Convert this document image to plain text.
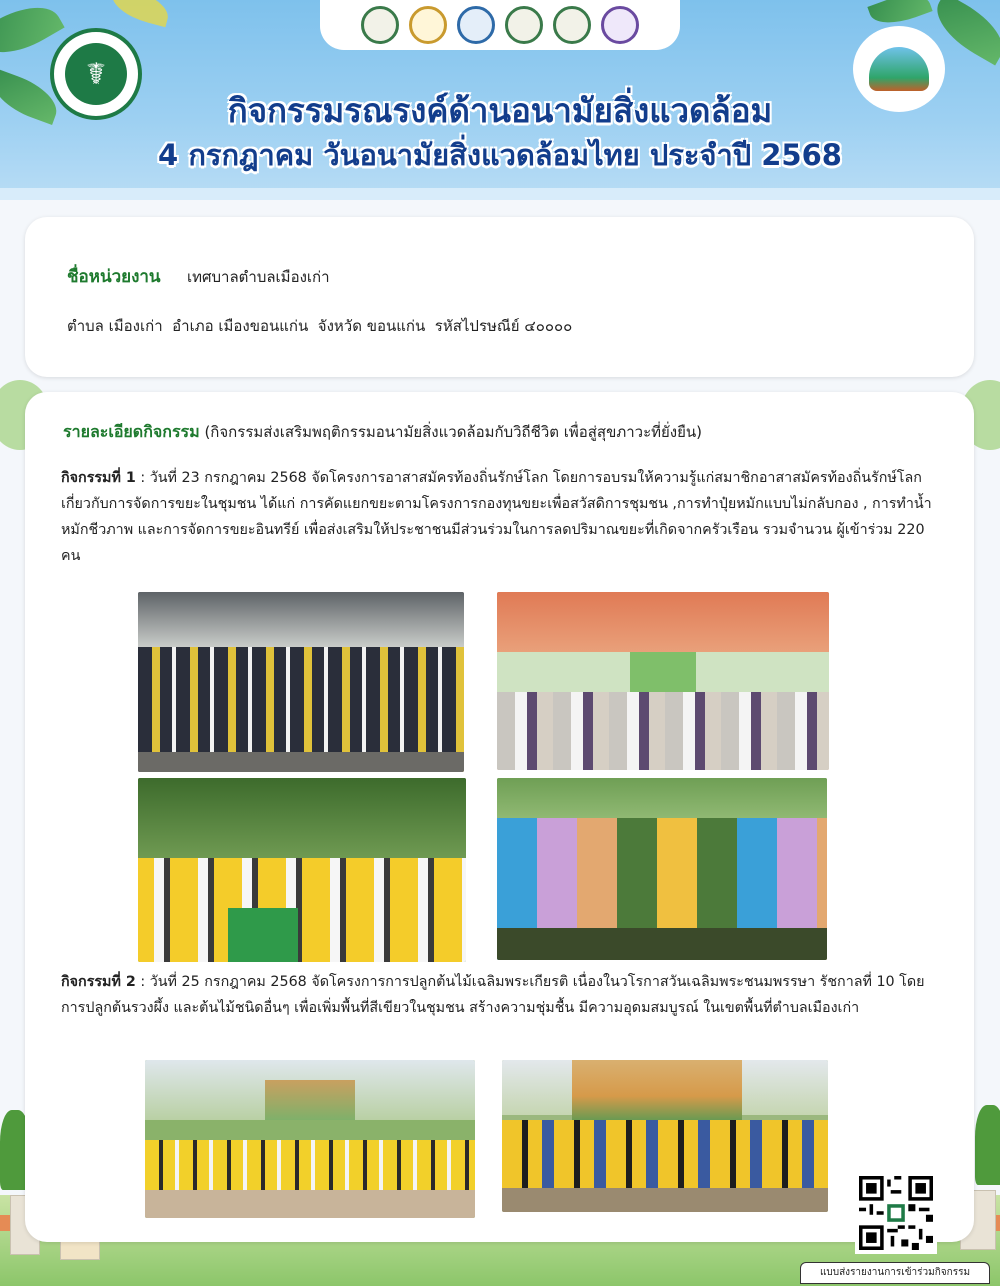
☤
กิจกรรมรณรงค์ด้านอนามัยสิ่งแวดล้อม
4 กรกฎาคม วันอนามัยสิ่งแวดล้อมไทย ประจำปี 2568
ชื่อหน่วยงาน เทศบาลตำบลเมืองเก่า
ตำบล เมืองเก่า  อำเภอ เมืองขอนแก่น  จังหวัด ขอนแก่น  รหัสไปรษณีย์ ๔๐๐๐๐
รายละเอียดกิจกรรม (กิจกรรมส่งเสริมพฤติกรรมอนามัยสิ่งแวดล้อมกับวิถีชีวิต เพื่อสู่สุขภาวะที่ยั่งยืน)
กิจกรรมที่ 1 : วันที่ 23 กรกฎาคม 2568 จัดโครงการอาสาสมัครท้องถิ่นรักษ์โลก โดยการอบรมให้ความรู้แก่สมาชิกอาสาสมัครท้องถิ่นรักษ์โลก เกี่ยวกับการจัดการขยะในชุมชน ได้แก่ การคัดแยกขยะตามโครงการกองทุนขยะเพื่อสวัสดิการชุมชน ,การทำปุ๋ยหมักแบบไม่กลับกอง , การทำน้ำหมักชีวภาพ และการจัดการขยะอินทรีย์ เพื่อส่งเสริมให้ประชาชนมีส่วนร่วมในการลดปริมาณขยะที่เกิดจากครัวเรือน รวมจำนวน ผู้เข้าร่วม 220 คน
กิจกรรมที่ 2 : วันที่ 25 กรกฎาคม 2568 จัดโครงการการปลูกต้นไม้เฉลิมพระเกียรติ เนื่องในวโรกาสวันเฉลิมพระชนมพรรษา รัชกาลที่ 10 โดยการปลูกต้นรวงผึ้ง และต้นไม้ชนิดอื่นๆ เพื่อเพิ่มพื้นที่สีเขียวในชุมชน สร้างความชุ่มชื้น มีความอุดมสมบูรณ์ ในเขตพื้นที่ตำบลเมืองเก่า
แบบส่งรายงานการเข้าร่วมกิจกรรม
